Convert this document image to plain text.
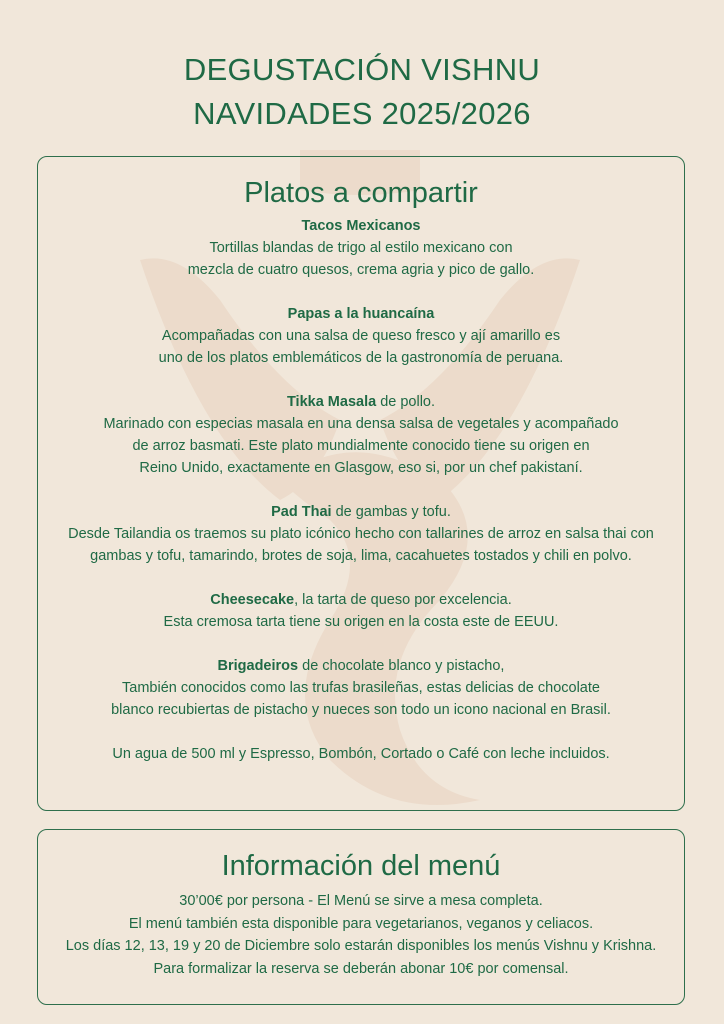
DEGUSTACIÓN VISHNU
NAVIDADES 2025/2026
Platos a compartir

Tacos Mexicanos

Tortillas blandas de trigo al estilo mexicano con

mezcla de cuatro quesos, crema agria y pico de gallo.

Papas a la huancaína

Acompañadas con una salsa de queso fresco y ají amarillo es

uno de los platos emblemáticos de la gastronomía de peruana.

Tikka Masala de pollo.

Marinado con especias masala en una densa salsa de vegetales y acompañado

de arroz basmati. Este plato mundialmente conocido tiene su origen en

Reino Unido, exactamente en Glasgow, eso si, por un chef pakistaní.

Pad Thai de gambas y tofu.

Desde Tailandia os traemos su plato icónico hecho con tallarines de arroz en salsa thai con

gambas y tofu, tamarindo, brotes de soja, lima, cacahuetes tostados y chili en polvo.

Cheesecake, la tarta de queso por excelencia.

Esta cremosa tarta tiene su origen en la costa este de EEUU.

Brigadeiros de chocolate blanco y pistacho,

También conocidos como las trufas brasileñas, estas delicias de chocolate

blanco recubiertas de pistacho y nueces son todo un icono nacional en Brasil.

Un agua de 500 ml y Espresso, Bombón, Cortado o Café con leche incluidos.

Información del menú

30’00€ por persona - El Menú se sirve a mesa completa.

El menú también esta disponible para vegetarianos, veganos y celiacos.

Los días 12, 13, 19 y 20 de Diciembre solo estarán disponibles los menús Vishnu y Krishna.

Para formalizar la reserva se deberán abonar 10€ por comensal.
